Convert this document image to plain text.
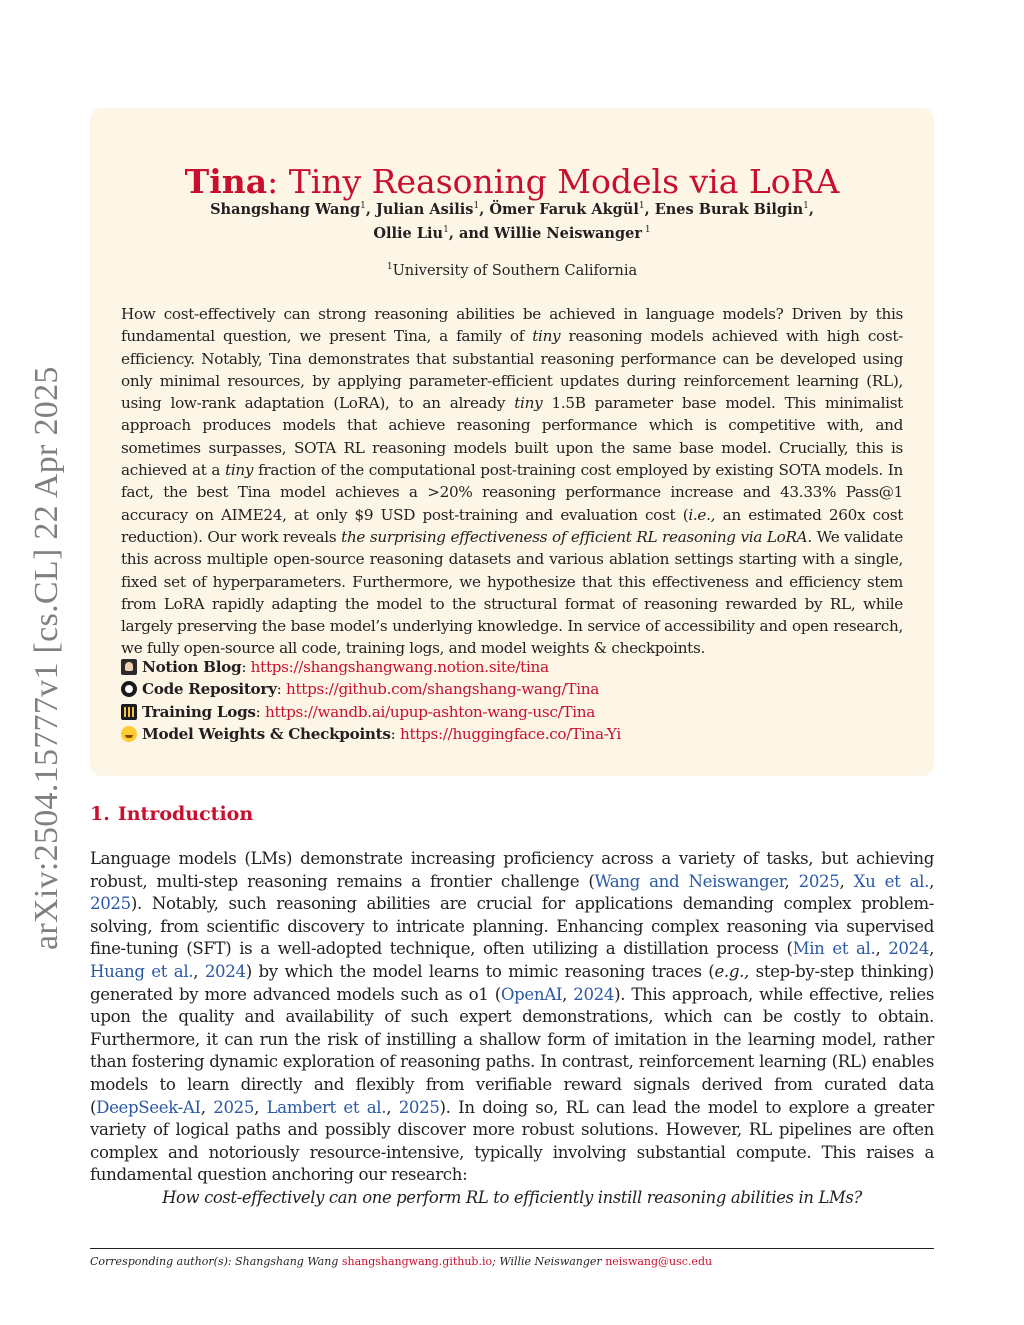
arXiv:2504.15777v1 [cs.CL] 22 Apr 2025
Tina: Tiny Reasoning Models via LoRA
Shangshang Wang$^1$, Julian Asilis$^1$, Ömer Faruk Akgül$^1$, Enes Burak Bilgin$^1$,
Ollie Liu$^1$, and Willie Neiswanger $^1$
$^1$University of Southern California

How cost-effectively can strong reasoning abilities be achieved in language models? Driven by this fundamental question, we present Tina, a family of tiny reasoning models achieved with high cost-efficiency. Notably, Tina demonstrates that substantial reasoning performance can be developed using only minimal resources, by applying parameter-efficient updates during reinforcement learning (RL), using low-rank adaptation (LoRA), to an already tiny 1.5B parameter base model. This minimalist approach produces models that achieve reasoning performance which is competitive with, and sometimes surpasses, SOTA RL reasoning models built upon the same base model. Crucially, this is achieved at a tiny fraction of the computational post-training cost employed by existing SOTA models. In fact, the best Tina model achieves a >20% reasoning performance increase and 43.33% Pass@1 accuracy on AIME24, at only $9 USD post-training and evaluation cost (i.e., an estimated 260x cost reduction). Our work reveals the surprising effectiveness of efficient RL reasoning via LoRA. We validate this across multiple open-source reasoning datasets and various ablation settings starting with a single, fixed set of hyperparameters. Furthermore, we hypothesize that this effectiveness and efficiency stem from LoRA rapidly adapting the model to the structural format of reasoning rewarded by RL, while largely preserving the base model’s underlying knowledge. In service of accessibility and open research, we fully open-source all code, training logs, and model weights & checkpoints.

Notion Blog : https://shangshangwang.notion.site/tina
Code Repository : https://github.com/shangshang-wang/Tina
Training Logs : https://wandb.ai/upup-ashton-wang-usc/Tina
Model Weights & Checkpoints : https://huggingface.co/Tina-Yi
1. Introduction

Language models (LMs) demonstrate increasing proficiency across a variety of tasks, but achieving robust, multi-step reasoning remains a frontier challenge (Wang and Neiswanger, 2025, Xu et al., 2025). Notably, such reasoning abilities are crucial for applications demanding complex problem-solving, from scientific discovery to intricate planning. Enhancing complex reasoning via supervised fine-tuning (SFT) is a well-adopted technique, often utilizing a distillation process (Min et al., 2024, Huang et al., 2024) by which the model learns to mimic reasoning traces (e.g., step-by-step thinking) generated by more advanced models such as o1 (OpenAI, 2024). This approach, while effective, relies upon the quality and availability of such expert demonstrations, which can be costly to obtain. Furthermore, it can run the risk of instilling a shallow form of imitation in the learning model, rather than fostering dynamic exploration of reasoning paths. In contrast, reinforcement learning (RL) enables models to learn directly and flexibly from verifiable reward signals derived from curated data (DeepSeek-AI, 2025, Lambert et al., 2025). In doing so, RL can lead the model to explore a greater variety of logical paths and possibly discover more robust solutions. However, RL pipelines are often complex and notoriously resource-intensive, typically involving substantial compute. This raises a fundamental question anchoring our research:

How cost-effectively can one perform RL to efficiently instill reasoning abilities in LMs?
Corresponding author(s): Shangshang Wang shangshangwang.github.io; Willie Neiswanger neiswang@usc.edu
